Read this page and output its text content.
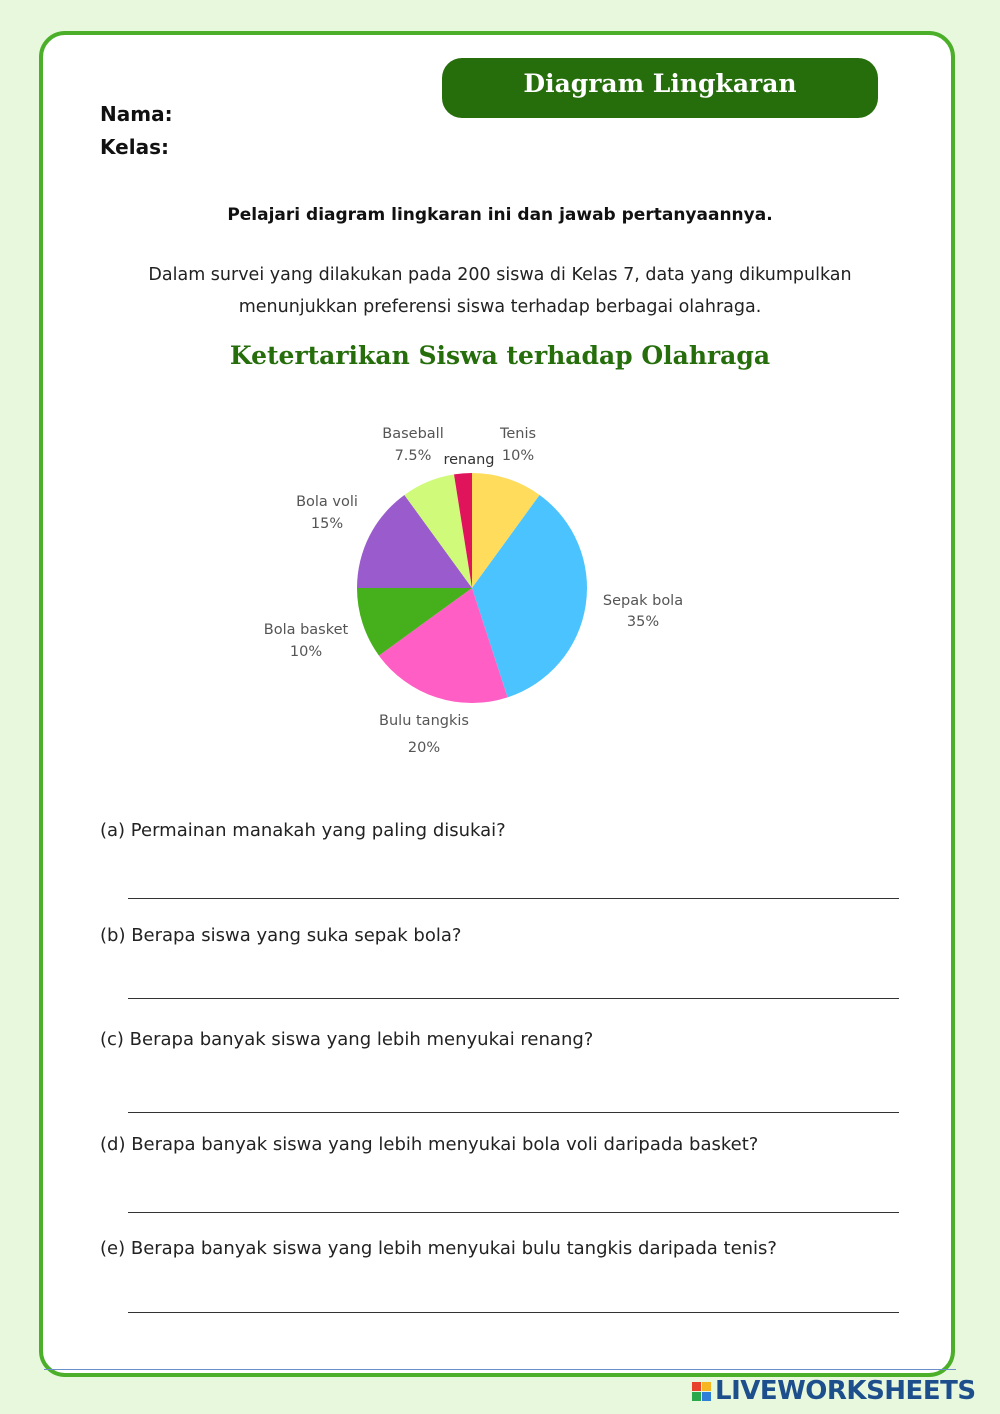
Diagram Lingkaran
Nama:
Kelas:
Pelajari diagram lingkaran ini dan jawab pertanyaannya.
Dalam survei yang dilakukan pada 200 siswa di Kelas 7, data yang dikumpulkan menunjukkan preferensi siswa terhadap berbagai olahraga.
Ketertarikan Siswa terhadap Olahraga
Tenis
10%
Sepak bola
35%
Bulu tangkis
20%
Bola basket
10%
Bola voli
15%
Baseball
7.5% renang
(a) Permainan manakah yang paling disukai?
(b) Berapa siswa yang suka sepak bola?
(c) Berapa banyak siswa yang lebih menyukai renang?
(d) Berapa banyak siswa yang lebih menyukai bola voli daripada basket?
(e) Berapa banyak siswa yang lebih menyukai bulu tangkis daripada tenis?
LIVEWORKSHEETS
